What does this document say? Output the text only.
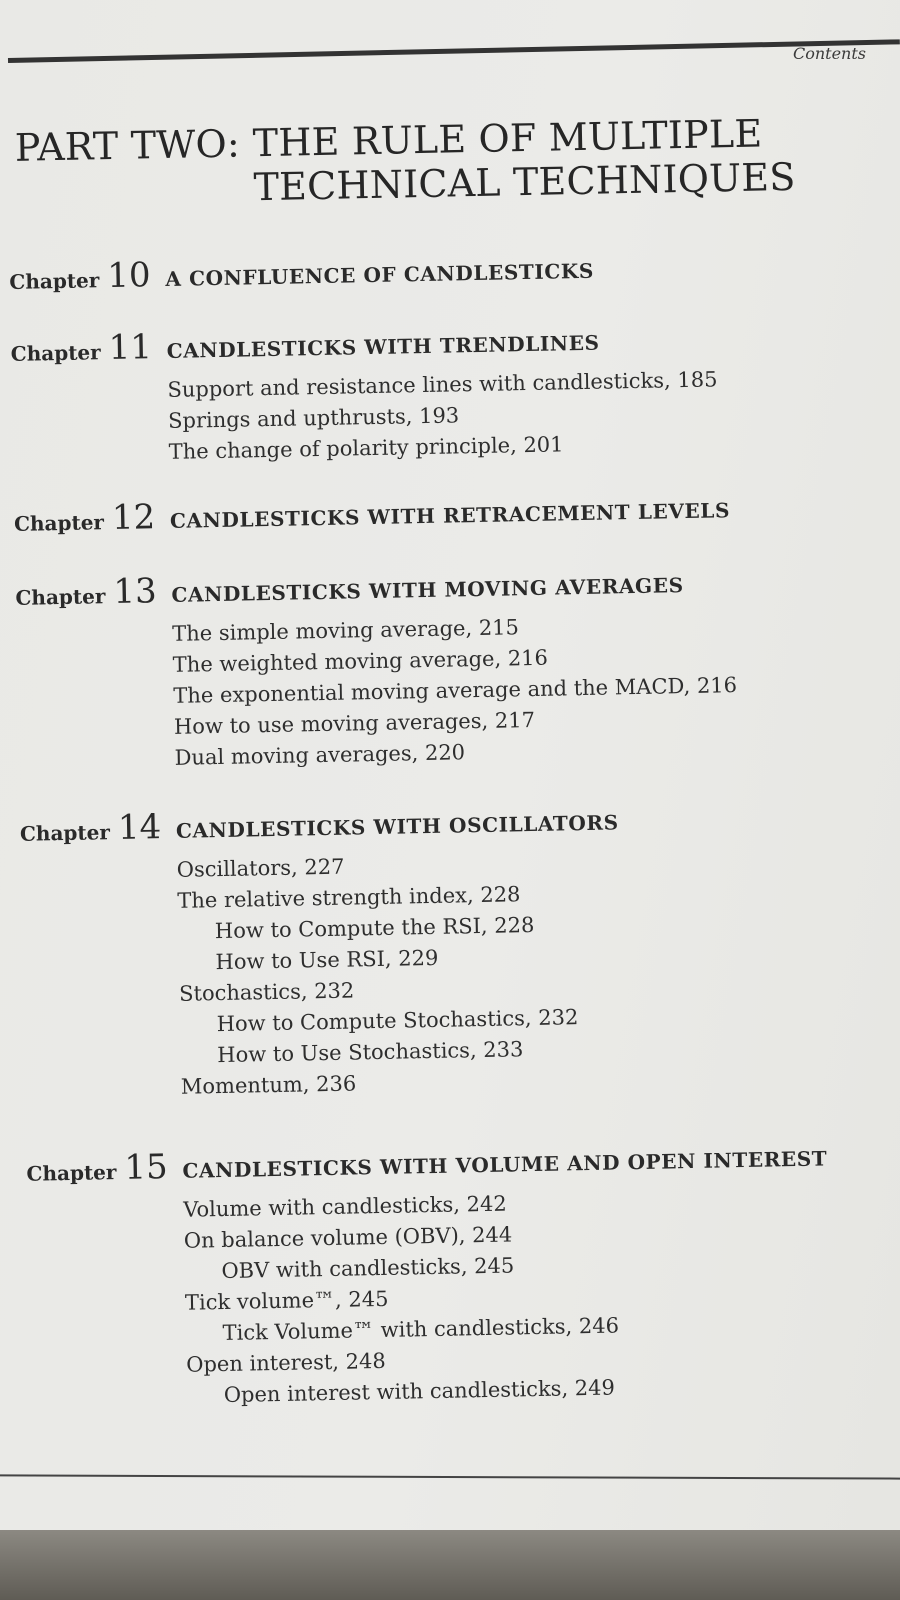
Contents
PART TWO: THE RULE OF MULTIPLE
TECHNICAL TECHNIQUES
Chapter 10 A CONFLUENCE OF CANDLESTICKS
Chapter 11 CANDLESTICKS WITH TRENDLINES
Support and resistance lines with candlesticks, 185
Springs and upthrusts, 193
The change of polarity principle, 201
Chapter 12 CANDLESTICKS WITH RETRACEMENT LEVELS
Chapter 13 CANDLESTICKS WITH MOVING AVERAGES
The simple moving average, 215
The weighted moving average, 216
The exponential moving average and the MACD, 216
How to use moving averages, 217
Dual moving averages, 220
Chapter 14 CANDLESTICKS WITH OSCILLATORS
Oscillators, 227
The relative strength index, 228
How to Compute the RSI, 228
How to Use RSI, 229
Stochastics, 232
How to Compute Stochastics, 232
How to Use Stochastics, 233
Momentum, 236
Chapter 15 CANDLESTICKS WITH VOLUME AND OPEN INTEREST
Volume with candlesticks, 242
On balance volume (OBV), 244
OBV with candlesticks, 245
Tick volume™, 245
Tick Volume™ with candlesticks, 246
Open interest, 248
Open interest with candlesticks, 249
